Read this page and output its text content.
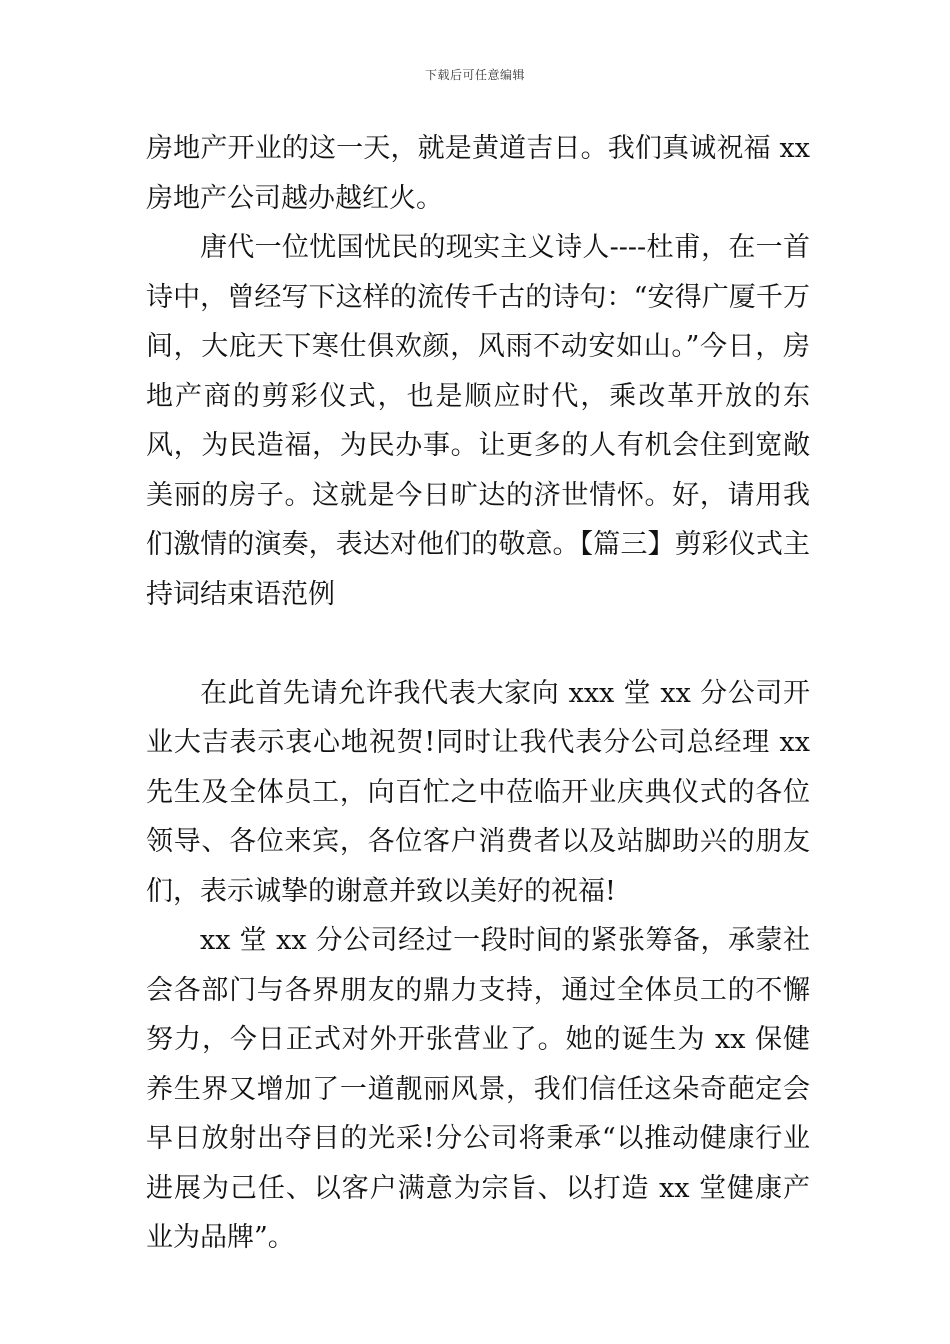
下载后可任意编辑

房地产开业的这一天，就是黄道吉日。我们真诚祝福 xx 房地产公司越办越红火。

唐代一位忧国忧民的现实主义诗人----杜甫，在一首诗中，曾经写下这样的流传千古的诗句：“安得广厦千万间，大庇天下寒仕俱欢颜，风雨不动安如山。”今日，房地产商的剪彩仪式，也是顺应时代，乘改革开放的东风，为民造福，为民办事。让更多的人有机会住到宽敞美丽的房子。这就是今日旷达的济世情怀。好，请用我们激情的演奏，表达对他们的敬意。【篇三】剪彩仪式主持词结束语范例

在此首先请允许我代表大家向 xxx 堂 xx 分公司开业大吉表示衷心地祝贺!同时让我代表分公司总经理 xx 先生及全体员工，向百忙之中莅临开业庆典仪式的各位领导、各位来宾，各位客户消费者以及站脚助兴的朋友们，表示诚挚的谢意并致以美好的祝福!

xx 堂 xx 分公司经过一段时间的紧张筹备，承蒙社会各部门与各界朋友的鼎力支持，通过全体员工的不懈努力，今日正式对外开张营业了。她的诞生为 xx 保健养生界又增加了一道靓丽风景，我们信任这朵奇葩定会早日放射出夺目的光采!分公司将秉承“以推动健康行业进展为己任、以客户满意为宗旨、以打造 xx 堂健康产业为品牌”。
